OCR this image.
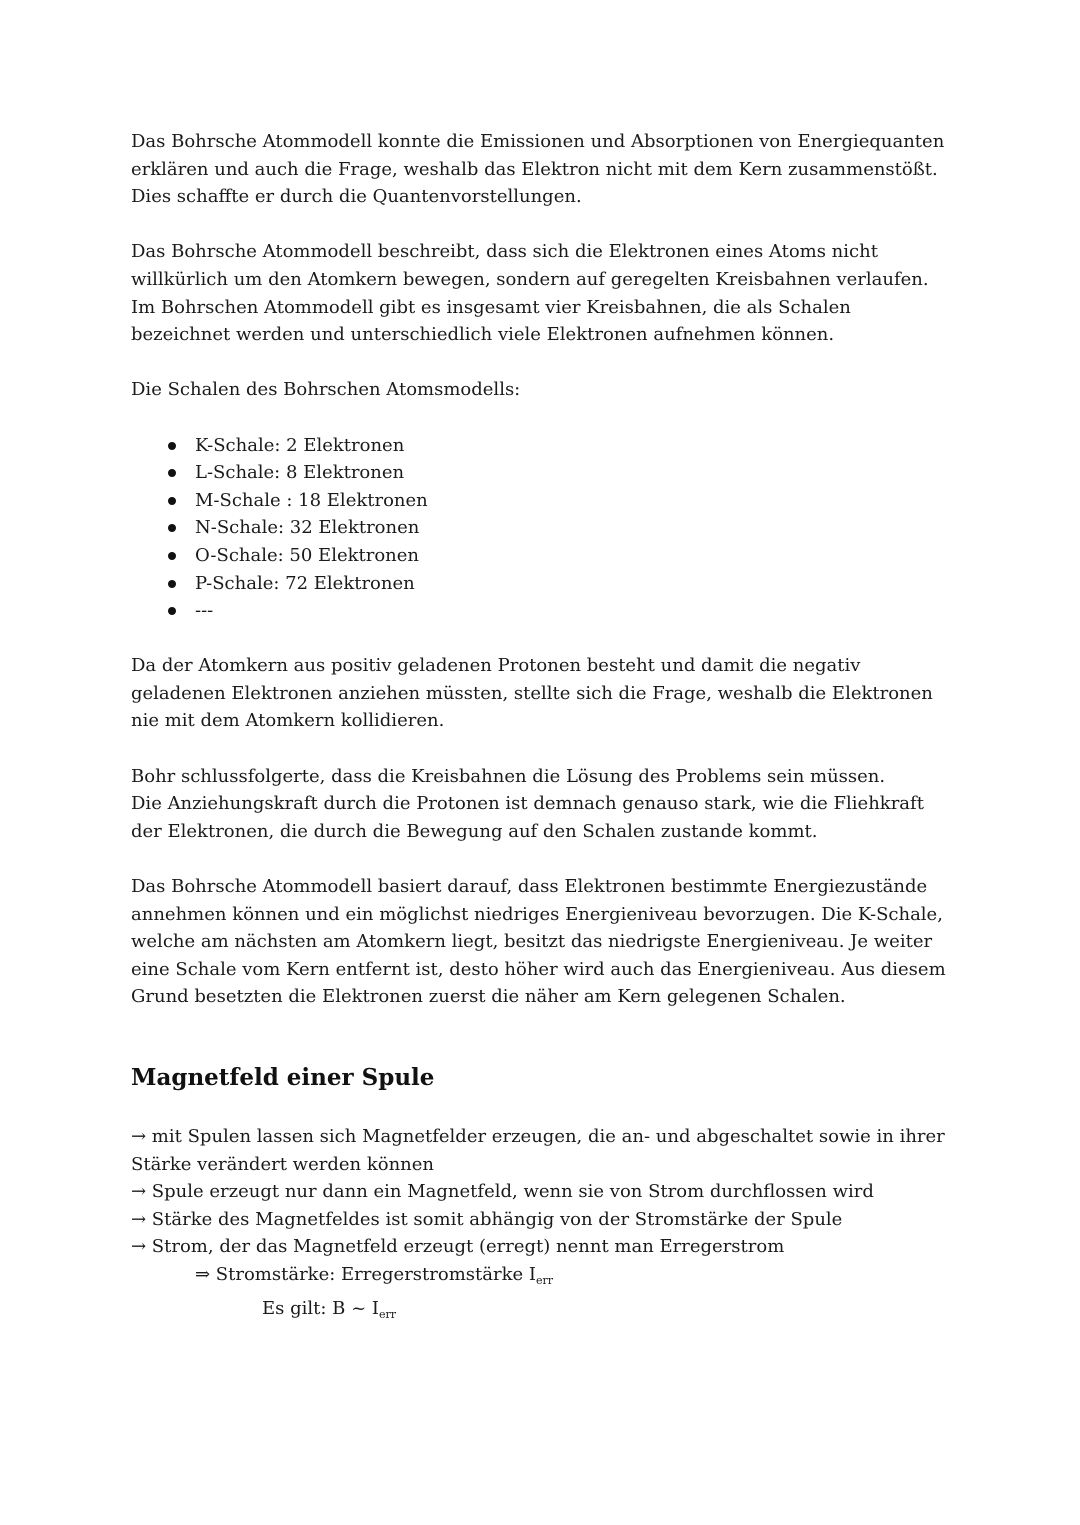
Das Bohrsche Atommodell konnte die Emissionen und Absorptionen von Energiequanten erklären und auch die Frage, weshalb das Elektron nicht mit dem Kern zusammenstößt. Dies schaffte er durch die Quantenvorstellungen.

Das Bohrsche Atommodell beschreibt, dass sich die Elektronen eines Atoms nicht willkürlich um den Atomkern bewegen, sondern auf geregelten Kreisbahnen verlaufen. Im Bohrschen Atommodell gibt es insgesamt vier Kreisbahnen, die als Schalen bezeichnet werden und unterschiedlich viele Elektronen aufnehmen können.

Die Schalen des Bohrschen Atomsmodells:

K-Schale: 2 Elektronen
L-Schale: 8 Elektronen
M-Schale : 18 Elektronen
N-Schale: 32 Elektronen
O-Schale: 50 Elektronen
P-Schale: 72 Elektronen
---

Da der Atomkern aus positiv geladenen Protonen besteht und damit die negativ geladenen Elektronen anziehen müssten, stellte sich die Frage, weshalb die Elektronen nie mit dem Atomkern kollidieren.

Bohr schlussfolgerte, dass die Kreisbahnen die Lösung des Problems sein müssen.

Die Anziehungskraft durch die Protonen ist demnach genauso stark, wie die Fliehkraft der Elektronen, die durch die Bewegung auf den Schalen zustande kommt.

Das Bohrsche Atommodell basiert darauf, dass Elektronen bestimmte Energiezustände annehmen können und ein möglichst niedriges Energieniveau bevorzugen. Die K-Schale, welche am nächsten am Atomkern liegt, besitzt das niedrigste Energieniveau. Je weiter eine Schale vom Kern entfernt ist, desto höher wird auch das Energieniveau. Aus diesem Grund besetzten die Elektronen zuerst die näher am Kern gelegenen Schalen.

Magnetfeld einer Spule

→ mit Spulen lassen sich Magnetfelder erzeugen, die an- und abgeschaltet sowie in ihrer Stärke verändert werden können

→ Spule erzeugt nur dann ein Magnetfeld, wenn sie von Strom durchflossen wird

→ Stärke des Magnetfeldes ist somit abhängig von der Stromstärke der Spule

→ Strom, der das Magnetfeld erzeugt (erregt) nennt man Erregerstrom

⇒ Stromstärke: Erregerstromstärke $I_{err}$

Es gilt: B ~ $I_{err}$
